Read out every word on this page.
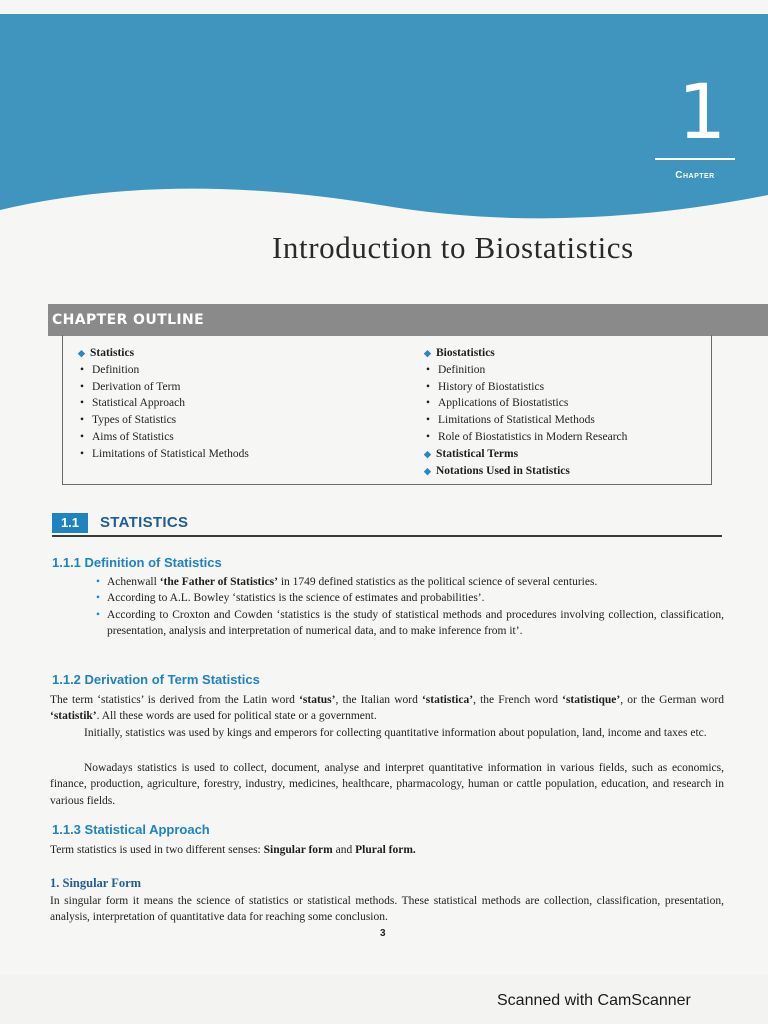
1
Chapter
Introduction to Biostatistics
CHAPTER OUTLINE
◆ Statistics
• Definition
• Derivation of Term
• Statistical Approach
• Types of Statistics
• Aims of Statistics
• Limitations of Statistical Methods
◆ Biostatistics
• Definition
• History of Biostatistics
• Applications of Biostatistics
• Limitations of Statistical Methods
• Role of Biostatistics in Modern Research
◆ Statistical Terms
◆ Notations Used in Statistics
1.1	STATISTICS
1.1.1 Definition of Statistics
• Achenwall ‘the Father of Statistics’ in 1749 defined statistics as the political science of several centuries.
• According to A.L. Bowley ‘statistics is the science of estimates and probabilities’.
• According to Croxton and Cowden ‘statistics is the study of statistical methods and procedures involving collection, classification, presentation, analysis and interpretation of numerical data, and to make inference from it’.
1.1.2 Derivation of Term Statistics
The term ‘statistics’ is derived from the Latin word ‘status’, the Italian word ‘statistica’, the French word ‘statistique’, or the German word ‘statistik’. All these words are used for political state or a government.
Initially, statistics was used by kings and emperors for collecting quantitative information about population, land, income and taxes etc.
Nowadays statistics is used to collect, document, analyse and interpret quantitative information in various fields, such as economics, finance, production, agriculture, forestry, industry, medicines, healthcare, pharmacology, human or cattle population, education, and research in various fields.
1.1.3 Statistical Approach
Term statistics is used in two different senses: Singular form and Plural form.
1. Singular Form
In singular form it means the science of statistics or statistical methods. These statistical methods are collection, classification, presentation, analysis, interpretation of quantitative data for reaching some conclusion.
3
Scanned with CamScanner
